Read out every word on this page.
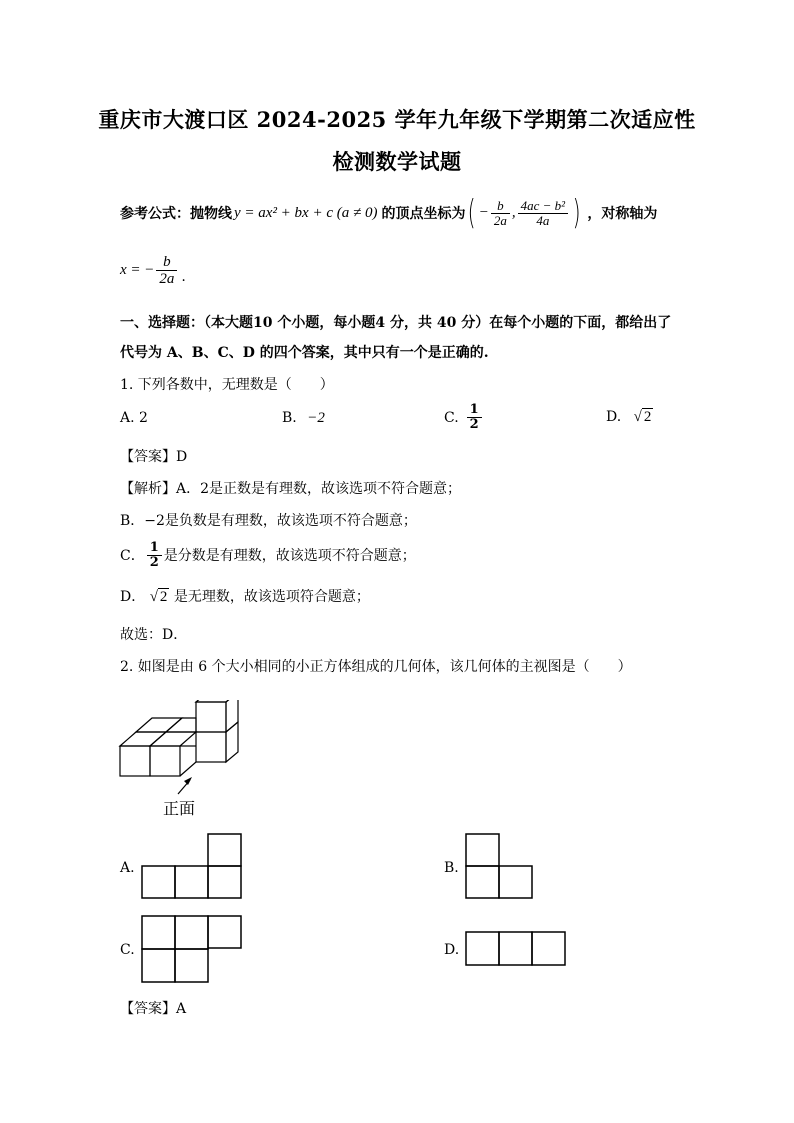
重庆市大渡口区 2024-2025 学年九年级下学期第二次适应性
检测数学试题
参考公式：抛物线 y = ax² + bx + c (a ≠ 0) 的顶点坐标为 ( − $\frac{b}{2a}$ , $\frac{\text{4ac − b²}}{4a}$ ) ，对称轴为
x = − $\frac{b}{2a}$ .
一、选择题：（本大题10 个小题，每小题4 分，共 40 分）在每个小题的下面，都给出了
代号为 A、B、C、D 的四个答案，其中只有一个是正确的.
1. 下列各数中，无理数是（　　）
A. 2	B. −2	C. $\frac{1}{2}$	D. √ 2
【答案】D
【解析】A．2是正数是有理数，故该选项不符合题意；
B．−2是负数是有理数，故该选项不符合题意；
C． $\frac{1}{2}$ 是分数是有理数，故该选项不符合题意；
D． √ 2 是无理数，故该选项符合题意；
故选：D．
2. 如图是由 6 个大小相同的小正方体组成的几何体，该几何体的主视图是（　　）
正面
A.	B.
C.	D.
【答案】A
